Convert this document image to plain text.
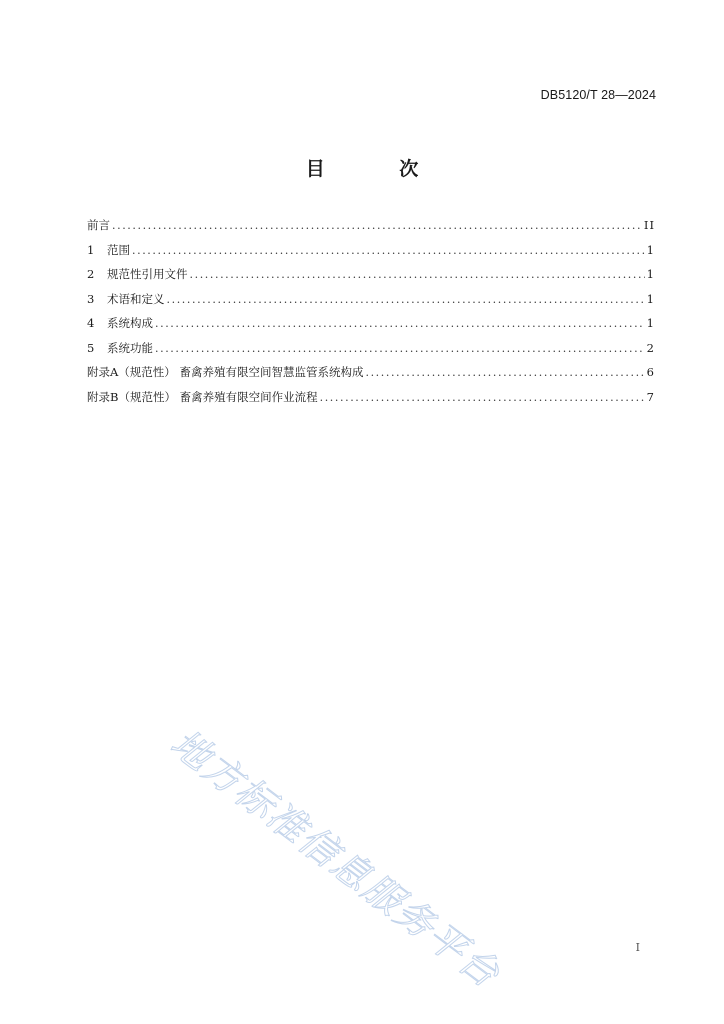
DB5120/T 28—2024
目 次
前言 .....	II
1	范围 .....	1
2	规范性引用文件 .....	1
3	术语和定义 .....	1
4	系统构成 .....	1
5	系统功能 .....	2
附录A（规范性） 畜禽养殖有限空间智慧监管系统构成 .....	6
附录B（规范性） 畜禽养殖有限空间作业流程 .....	7
地方标准信息服务平台	I
